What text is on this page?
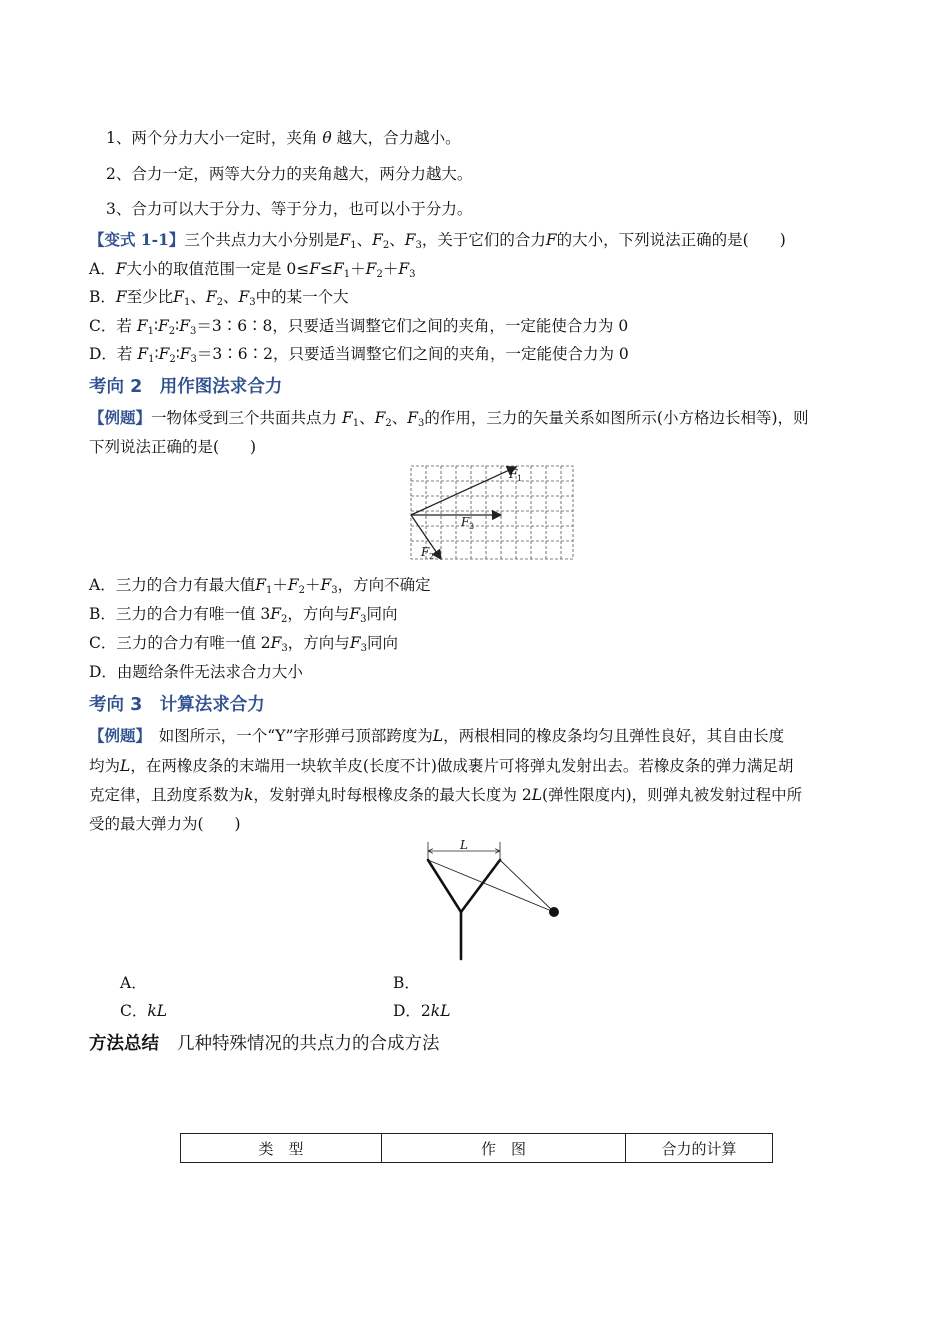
1、两个分力大小一定时，夹角 θ 越大，合力越小。
2、合力一定，两等大分力的夹角越大，两分力越大。
3、合力可以大于分力、等于分力，也可以小于分力。
【变式 1-1】三个共点力大小分别是$F_1$、$F_2$、$F_3$，关于它们的合力F的大小，下列说法正确的是(　　)
A．F大小的取值范围一定是 $0\le F\le F_1+F_2+F_3$
B．F至少比$F_1$、$F_2$、$F_3$中的某一个大
C．若 $F_1∶F_2∶F_3=3∶6∶8$，只要适当调整它们之间的夹角，一定能使合力为 0
D．若 $F_1∶F_2∶F_3=3∶6∶2$，只要适当调整它们之间的夹角，一定能使合力为 0
考向 2　用作图法求合力
【例题】一物体受到三个共面共点力 $F_1$、$F_2$、$F_3$的作用，三力的矢量关系如图所示(小方格边长相等)，则
下列说法正确的是(　　)
F 1
F 3
F 2
A．三力的合力有最大值$F_1+F_2+F_3$，方向不确定
B．三力的合力有唯一值 $3F_2$，方向与$F_3$同向
C．三力的合力有唯一值 $2F_3$，方向与$F_3$同向
D．由题给条件无法求合力大小
考向 3　计算法求合力
【例题】　 如图所示，一个“Y”字形弹弓顶部跨度为L，两根相同的橡皮条均匀且弹性良好，其自由长度
均为L，在两橡皮条的末端用一块软羊皮(长度不计)做成裹片可将弹丸发射出去。若橡皮条的弹力满足胡
克定律，且劲度系数为k，发射弹丸时每根橡皮条的最大长度为 2L(弹性限度内)，则弹丸被发射过程中所
受的最大弹力为(　　)
L
A．	B．
C．kL	D．2kL
方法总结 几种特殊情况的共点力的合成方法
类　型	作　图	合力的计算
